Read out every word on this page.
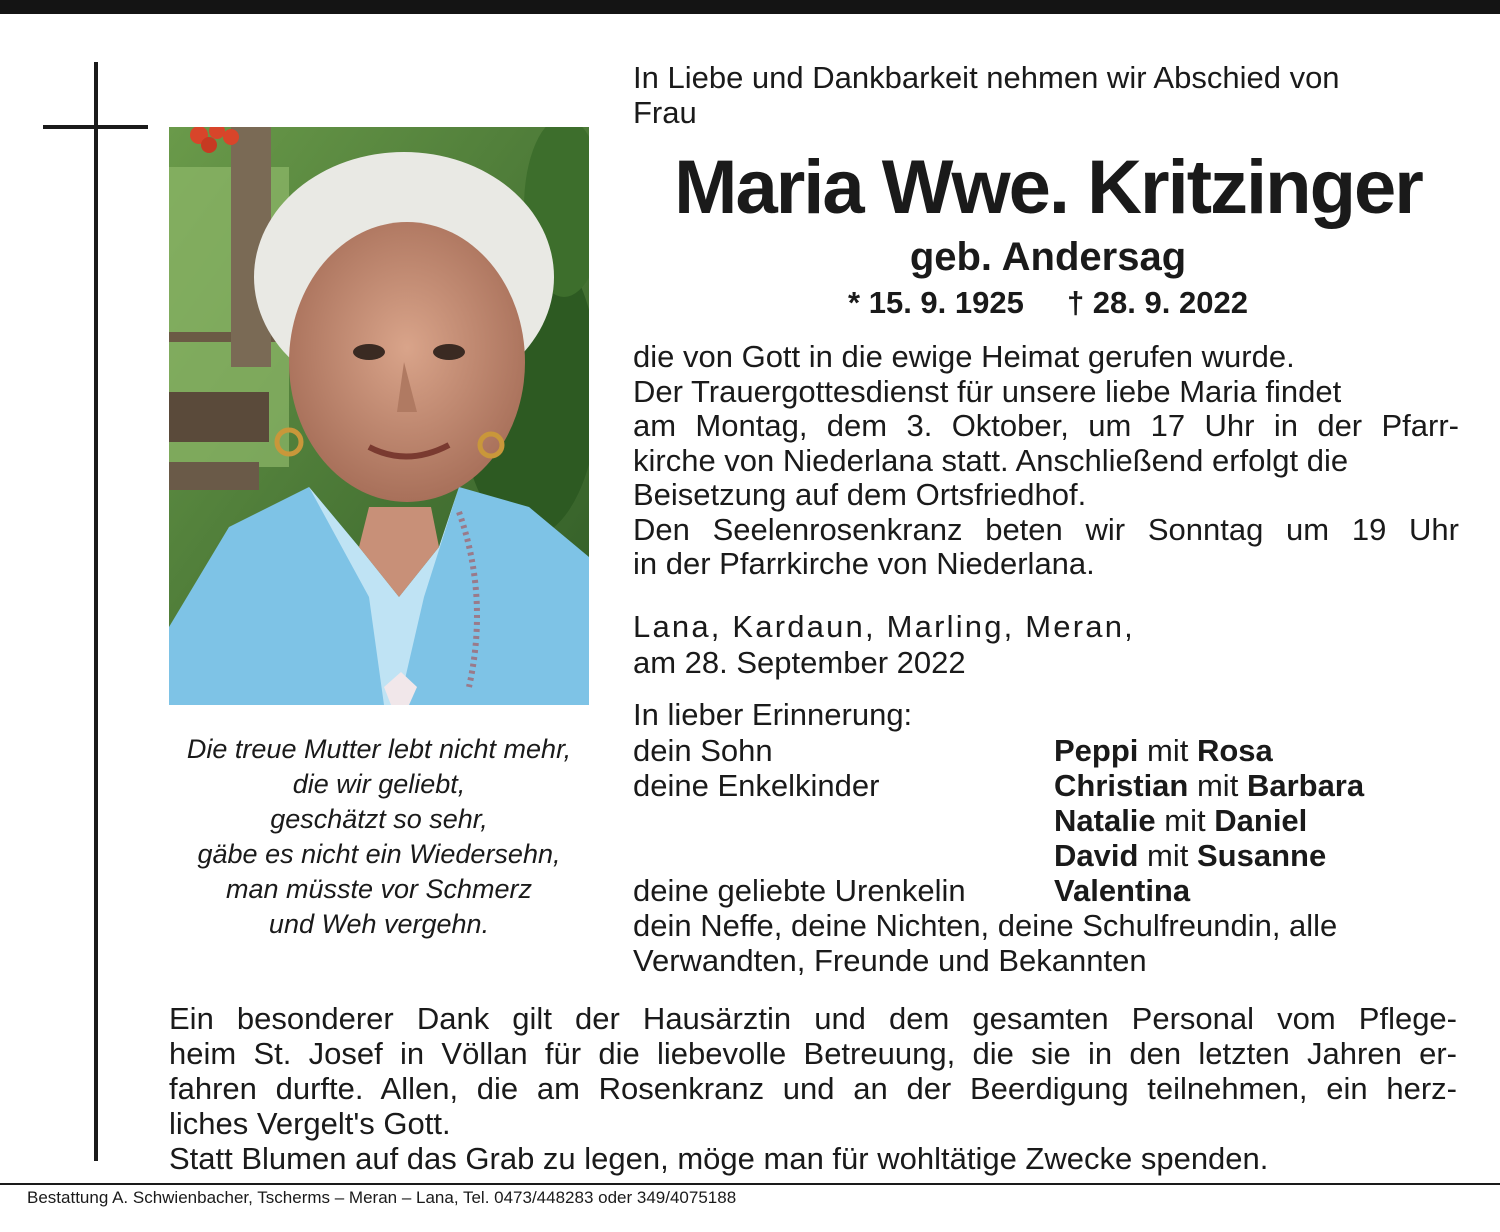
Die treue Mutter lebt nicht mehr,
die wir geliebt,
geschätzt so sehr,
gäbe es nicht ein Wiedersehn,
man müsste vor Schmerz
und Weh vergehn.
In Liebe und Dankbarkeit nehmen wir Abschied von
Frau
Maria Wwe. Kritzinger
geb. Andersag
* 15. 9. 1925 † 28. 9. 2022
die von Gott in die ewige Heimat gerufen wurde.
Der Trauergottesdienst für unsere liebe Maria findet
am Montag, dem 3. Oktober, um 17 Uhr in der Pfarr-
kirche von Niederlana statt. Anschließend erfolgt die
Beisetzung auf dem Ortsfriedhof.
Den Seelenrosenkranz beten wir Sonntag um 19 Uhr
in der Pfarrkirche von Niederlana.
Lana, Kardaun, Marling, Meran,
am 28. September 2022
In lieber Erinnerung:
dein Sohn	Peppi mit Rosa
deine Enkelkinder	Christian mit Barbara
Natalie mit Daniel
David mit Susanne
deine geliebte Urenkelin	Valentina
dein Neffe, deine Nichten, deine Schulfreundin, alle
Verwandten, Freunde und Bekannten
Ein besonderer Dank gilt der Hausärztin und dem gesamten Personal vom Pflege-
heim St. Josef in Völlan für die liebevolle Betreuung, die sie in den letzten Jahren er-
fahren durfte. Allen, die am Rosenkranz und an der Beerdigung teilnehmen, ein herz-
liches Vergelt's Gott.
Statt Blumen auf das Grab zu legen, möge man für wohltätige Zwecke spenden.
Bestattung A. Schwienbacher, Tscherms – Meran – Lana, Tel. 0473/448283 oder 349/4075188
